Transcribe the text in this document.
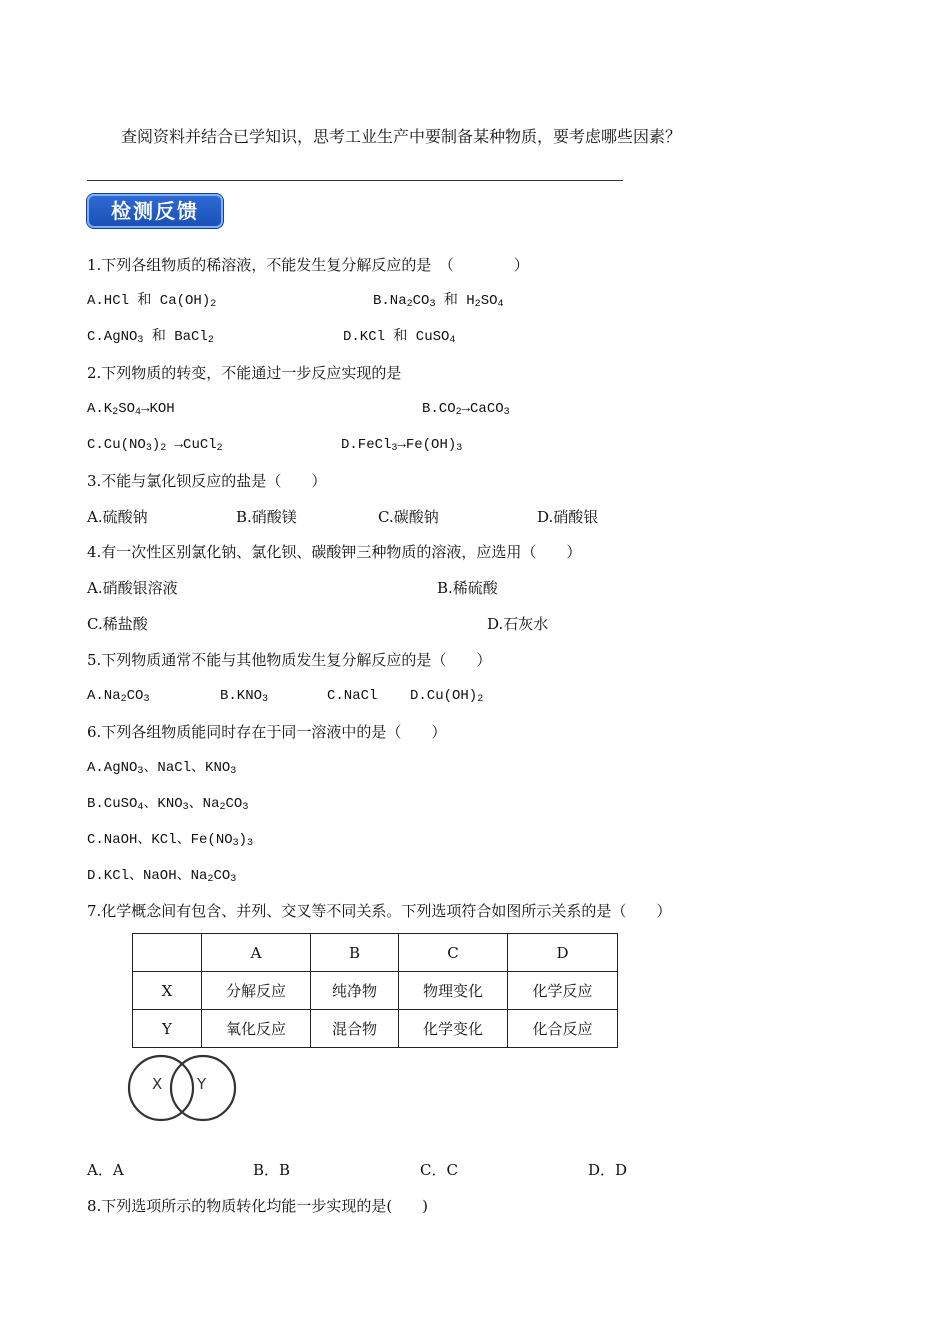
查阅资料并结合已学知识，思考工业生产中要制备某种物质，要考虑哪些因素？
检测反馈
1.下列各组物质的稀溶液，不能发生复分解反应的是　（　　　　）
A.HCl 和 $Ca(OH)_2$	$B.Na_2CO_3$ 和 $H_2SO_4$
C.AgNO$_3$ 和 BaCl$_2$	D.KCl 和 CuSO$_4$
2.下列物质的转变，不能通过一步反应实现的是
$A.K_2SO_4\to KOH$	$B.CO_2\to CaCO_3$
$C.Cu(NO_3)_2$ →CuCl$_2$	$D.FeCl_3\to Fe(OH)_3$
3.不能与氯化钡反应的盐是（　　）
A.硫酸钠	B.硝酸镁	C.碳酸钠	D.硝酸银
4.有一次性区别氯化钠、氯化钡、碳酸钾三种物质的溶液，应选用（　　）
A.硝酸银溶液	B.稀硫酸
C.稀盐酸	D.石灰水
5.下列物质通常不能与其他物质发生复分解反应的是（　　）
$A.Na_2CO_3$	$B.KNO_3$	C.NaCl $D.Cu(OH)_2$
6.下列各组物质能同时存在于同一溶液中的是（　　）
A.AgNO$_3$、NaCl、$KNO_3$
B.CuSO$_4$、$KNO_3$、$Na_2CO_3$
C.NaOH、KCl、$Fe(NO_3)_3$
D.KCl、NaOH、$Na_2CO_3$
7.化学概念间有包含、并列、交叉等不同关系。下列选项符合如图所示关系的是（　　）
	A	B	C	D
X	分解反应	纯净物	物理变化	化学反应
Y	氧化反应	混合物	化学变化	化合反应
X Y
A．A	B．B	C．C	D．D
8.下列选项所示的物质转化均能一步实现的是(　　)
